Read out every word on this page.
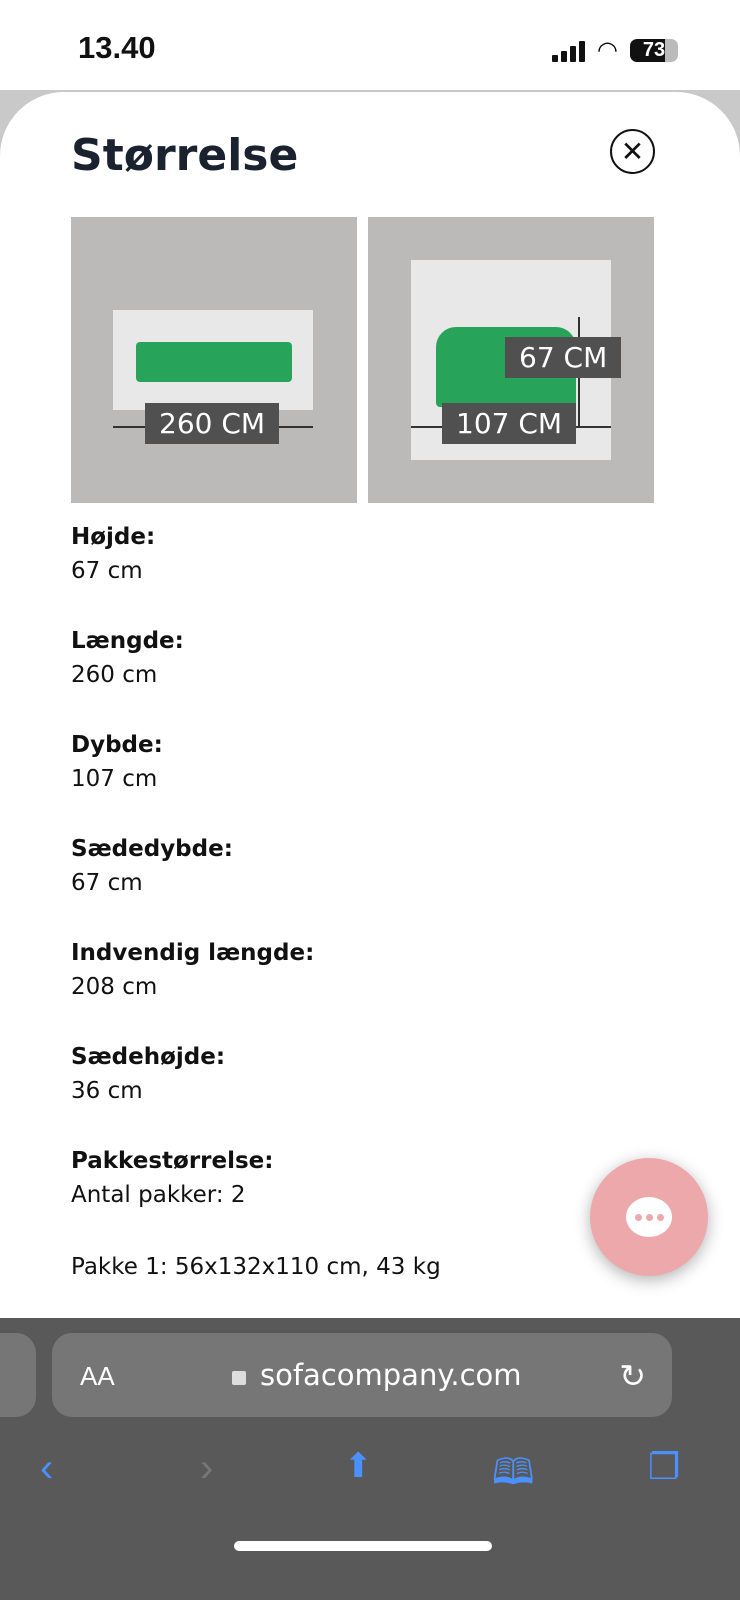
13.40	◠	73
Størrelse	✕
260 CM
67 CM
107 CM
Højde:
67 cm
Længde:
260 cm
Dybde:
107 cm
Sædedybde:
67 cm
Indvendig længde:
208 cm
Sædehøjde:
36 cm
Pakkestørrelse:
Antal pakker: 2
Pakke 1: 56x132x110 cm, 43 kg
AA	sofacompany.com	↻
‹	›	⬆	🕮	❐
